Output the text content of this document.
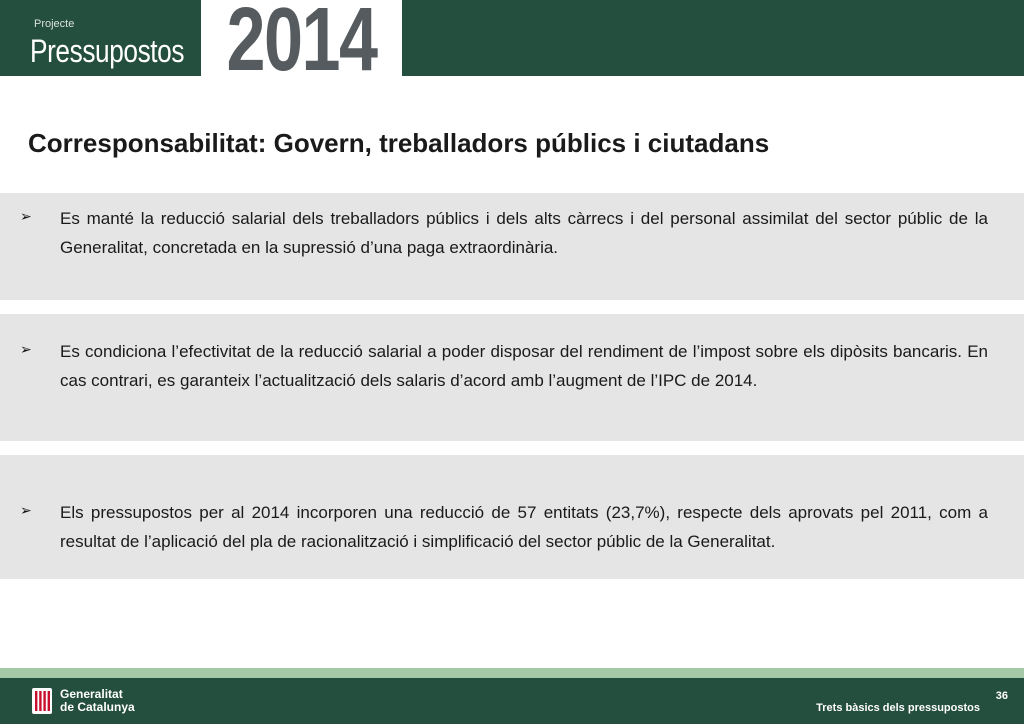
Projecte
Pressupostos 2014
Corresponsabilitat: Govern, treballadors públics i ciutadans
➢ Es manté la reducció salarial dels treballadors públics i dels alts càrrecs i del personal assimilat del sector públic de la Generalitat, concretada en la supressió d’una paga extraordinària.
➢ Es condiciona l’efectivitat de la reducció salarial a poder disposar del rendiment de l’impost sobre els dipòsits bancaris. En cas contrari, es garanteix l’actualització dels salaris d’acord amb l’augment de l’IPC de 2014.
➢ Els pressupostos per al 2014 incorporen una reducció de 57 entitats (23,7%), respecte dels aprovats pel 2011, com a resultat de l’aplicació del pla de racionalització i simplificació del sector públic de la Generalitat.
Generalitat
de Catalunya
36
Trets bàsics dels pressupostos
